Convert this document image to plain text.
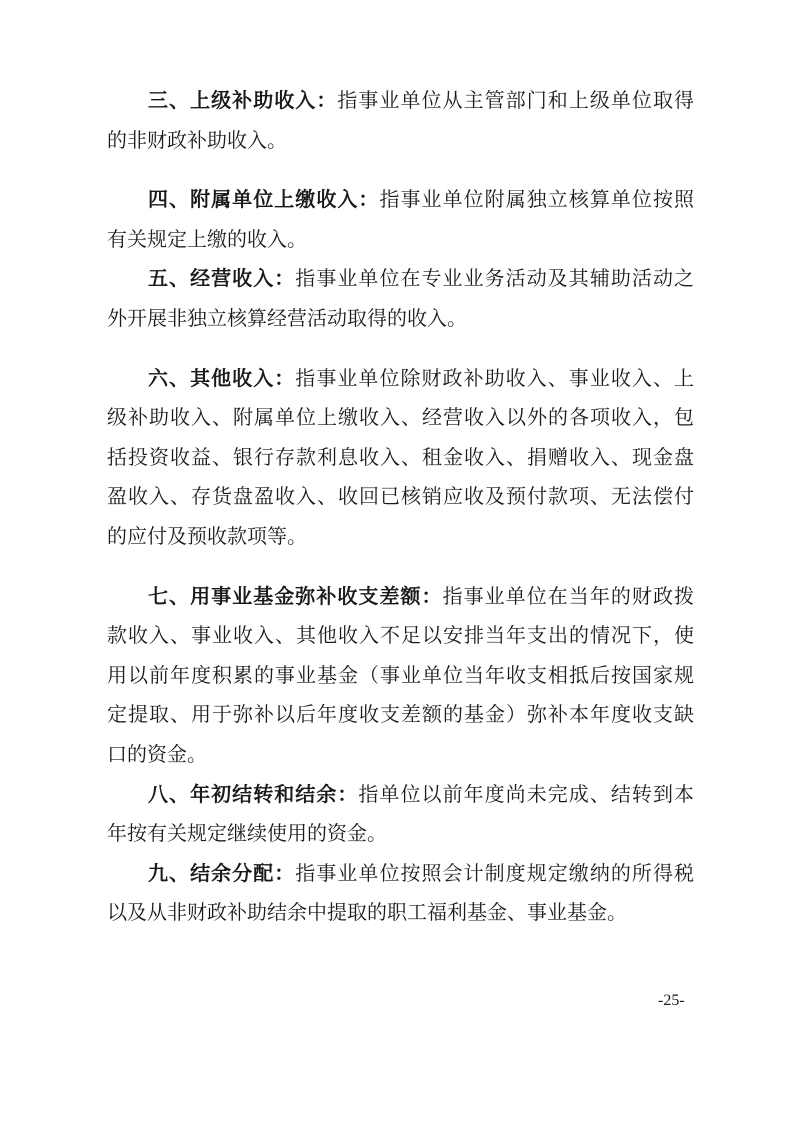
三、上级补助收入：指事业单位从主管部门和上级单位取得
的非财政补助收入。
四、附属单位上缴收入：指事业单位附属独立核算单位按照
有关规定上缴的收入。
五、经营收入：指事业单位在专业业务活动及其辅助活动之
外开展非独立核算经营活动取得的收入。
六、其他收入：指事业单位除财政补助收入、事业收入、上
级补助收入、附属单位上缴收入、经营收入以外的各项收入，包
括投资收益、银行存款利息收入、租金收入、捐赠收入、现金盘
盈收入、存货盘盈收入、收回已核销应收及预付款项、无法偿付
的应付及预收款项等。
七、用事业基金弥补收支差额：指事业单位在当年的财政拨
款收入、事业收入、其他收入不足以安排当年支出的情况下，使
用以前年度积累的事业基金（事业单位当年收支相抵后按国家规
定提取、用于弥补以后年度收支差额的基金）弥补本年度收支缺
口的资金。
八、年初结转和结余：指单位以前年度尚未完成、结转到本
年按有关规定继续使用的资金。
九、结余分配：指事业单位按照会计制度规定缴纳的所得税
以及从非财政补助结余中提取的职工福利基金、事业基金。
-25-
